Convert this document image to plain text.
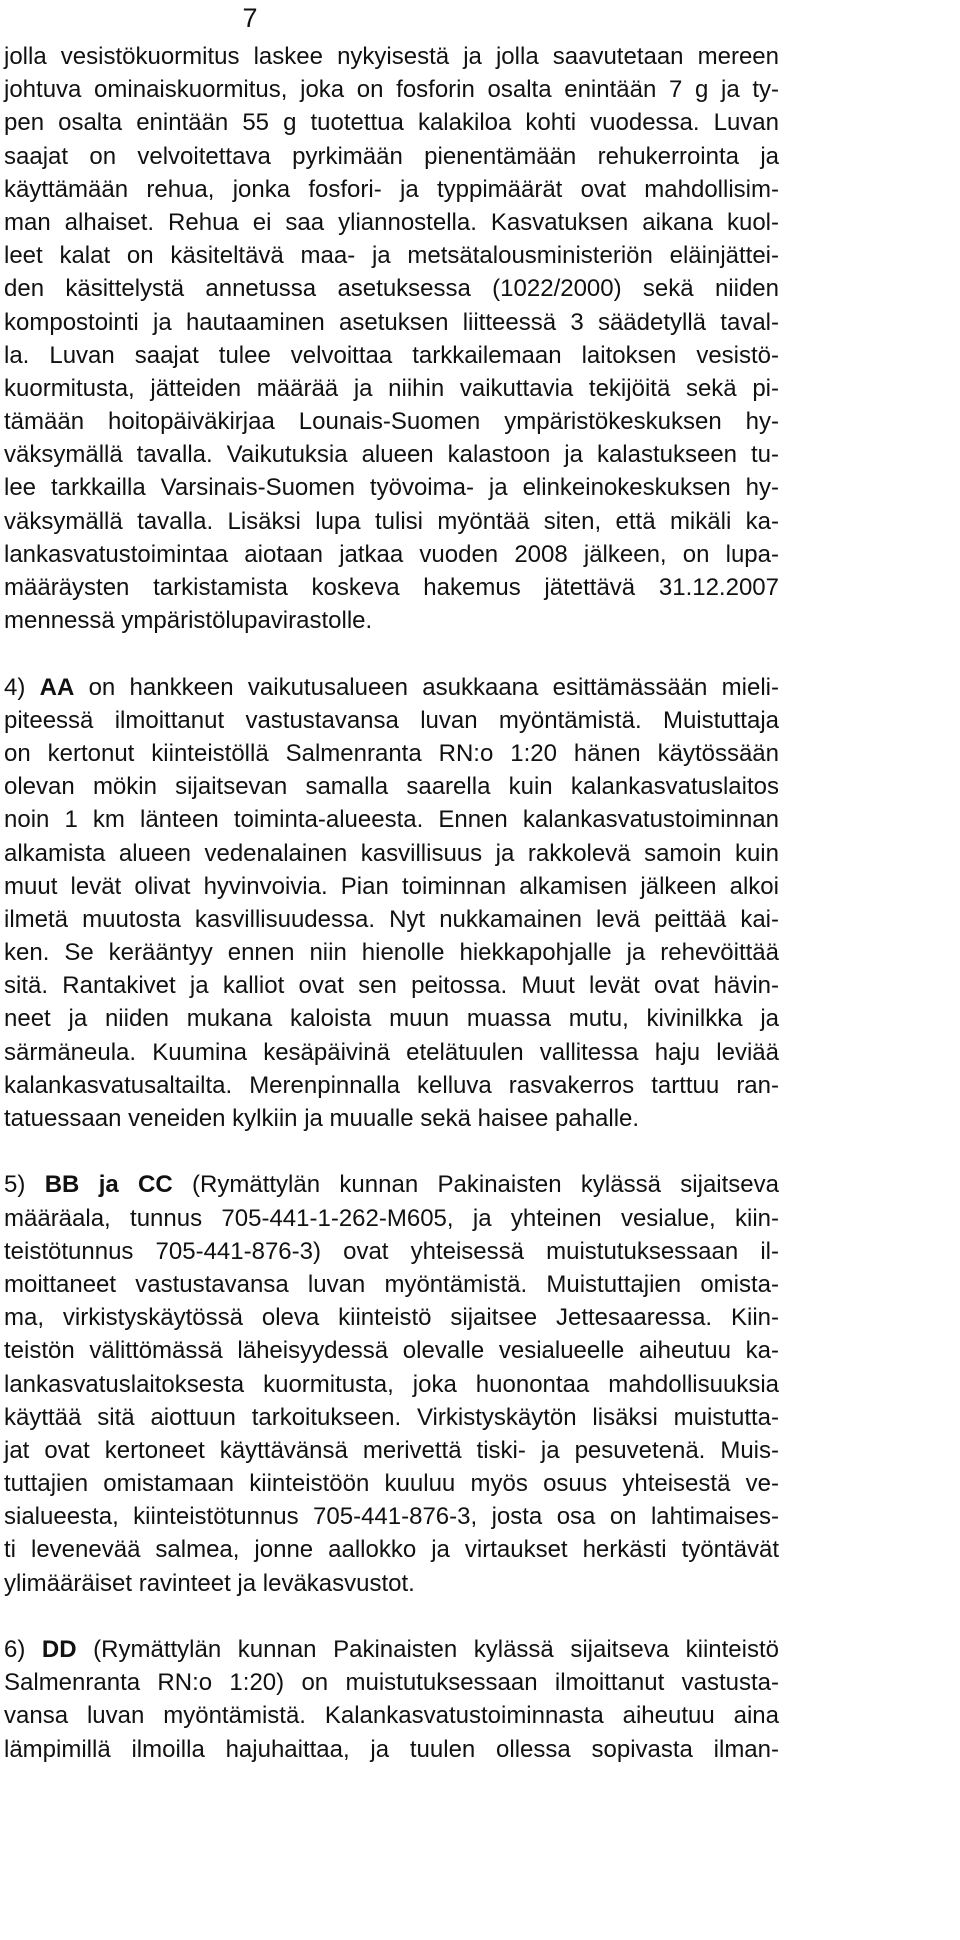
7
jolla vesistökuormitus laskee nykyisestä ja jolla saavutetaan mereen
johtuva ominaiskuormitus, joka on fosforin osalta enintään 7 g ja ty-
pen osalta enintään 55 g tuotettua kalakiloa kohti vuodessa. Luvan
saajat on velvoitettava pyrkimään pienentämään rehukerrointa ja
käyttämään rehua, jonka fosfori- ja typpimäärät ovat mahdollisim-
man alhaiset. Rehua ei saa yliannostella. Kasvatuksen aikana kuol-
leet kalat on käsiteltävä maa- ja metsätalousministeriön eläinjättei-
den käsittelystä annetussa asetuksessa (1022/2000) sekä niiden
kompostointi ja hautaaminen asetuksen liitteessä 3 säädetyllä taval-
la. Luvan saajat tulee velvoittaa tarkkailemaan laitoksen vesistö-
kuormitusta, jätteiden määrää ja niihin vaikuttavia tekijöitä sekä pi-
tämään hoitopäiväkirjaa Lounais-Suomen ympäristökeskuksen hy-
väksymällä tavalla. Vaikutuksia alueen kalastoon ja kalastukseen tu-
lee tarkkailla Varsinais-Suomen työvoima- ja elinkeinokeskuksen hy-
väksymällä tavalla. Lisäksi lupa tulisi myöntää siten, että mikäli ka-
lankasvatustoimintaa aiotaan jatkaa vuoden 2008 jälkeen, on lupa-
määräysten tarkistamista koskeva hakemus jätettävä 31.12.2007
mennessä ympäristölupavirastolle.
4) AA on hankkeen vaikutusalueen asukkaana esittämässään mieli-
piteessä ilmoittanut vastustavansa luvan myöntämistä. Muistuttaja
on kertonut kiinteistöllä Salmenranta RN:o 1:20 hänen käytössään
olevan mökin sijaitsevan samalla saarella kuin kalankasvatuslaitos
noin 1 km länteen toiminta-alueesta. Ennen kalankasvatustoiminnan
alkamista alueen vedenalainen kasvillisuus ja rakkolevä samoin kuin
muut levät olivat hyvinvoivia. Pian toiminnan alkamisen jälkeen alkoi
ilmetä muutosta kasvillisuudessa. Nyt nukkamainen levä peittää kai-
ken. Se kerääntyy ennen niin hienolle hiekkapohjalle ja rehevöittää
sitä. Rantakivet ja kalliot ovat sen peitossa. Muut levät ovat hävin-
neet ja niiden mukana kaloista muun muassa mutu, kivinilkka ja
särmäneula. Kuumina kesäpäivinä etelätuulen vallitessa haju leviää
kalankasvatusaltailta. Merenpinnalla kelluva rasvakerros tarttuu ran-
tatuessaan veneiden kylkiin ja muualle sekä haisee pahalle.
5) BB ja CC (Rymättylän kunnan Pakinaisten kylässä sijaitseva
määräala, tunnus 705-441-1-262-M605, ja yhteinen vesialue, kiin-
teistötunnus 705-441-876-3) ovat yhteisessä muistutuksessaan il-
moittaneet vastustavansa luvan myöntämistä. Muistuttajien omista-
ma, virkistyskäytössä oleva kiinteistö sijaitsee Jettesaaressa. Kiin-
teistön välittömässä läheisyydessä olevalle vesialueelle aiheutuu ka-
lankasvatuslaitoksesta kuormitusta, joka huonontaa mahdollisuuksia
käyttää sitä aiottuun tarkoitukseen. Virkistyskäytön lisäksi muistutta-
jat ovat kertoneet käyttävänsä merivettä tiski- ja pesuvetenä. Muis-
tuttajien omistamaan kiinteistöön kuuluu myös osuus yhteisestä ve-
sialueesta, kiinteistötunnus 705-441-876-3, josta osa on lahtimaises-
ti levenevää salmea, jonne aallokko ja virtaukset herkästi työntävät
ylimääräiset ravinteet ja leväkasvustot.
6) DD (Rymättylän kunnan Pakinaisten kylässä sijaitseva kiinteistö
Salmenranta RN:o 1:20) on muistutuksessaan ilmoittanut vastusta-
vansa luvan myöntämistä. Kalankasvatustoiminnasta aiheutuu aina
lämpimillä ilmoilla hajuhaittaa, ja tuulen ollessa sopivasta ilman-
